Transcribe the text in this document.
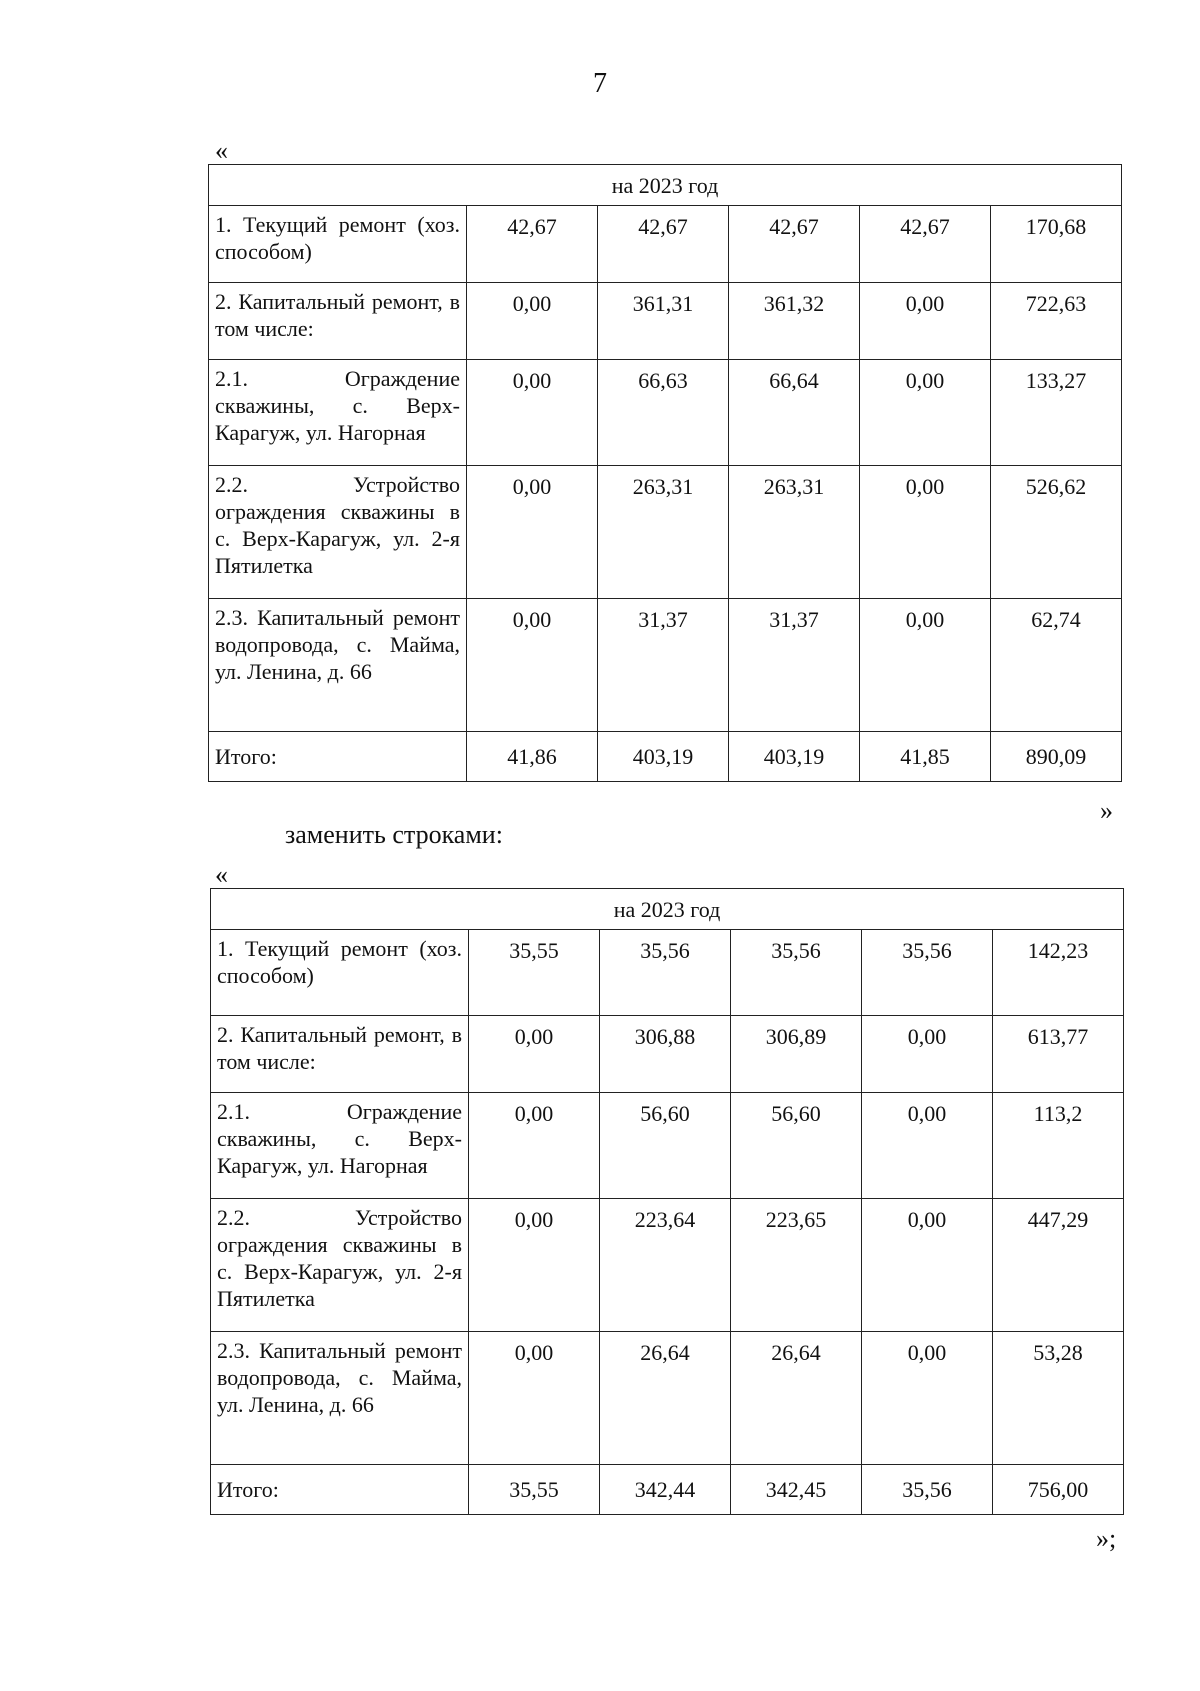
7
«
на 2023 год					
1. Текущий ремонт (хоз. способом)	42,67	42,67	42,67	42,67	170,68
2. Капитальный ремонт, в том числе:	0,00	361,31	361,32	0,00	722,63
2.1. Ограждение скважины, с. Верх-Карагуж, ул. Нагорная	0,00	66,63	66,64	0,00	133,27
2.2. Устройство ограждения скважины в с. Верх-Карагуж, ул. 2-я Пятилетка	0,00	263,31	263,31	0,00	526,62
2.3. Капитальный ремонт водопровода, с. Майма, ул. Ленина, д. 66	0,00	31,37	31,37	0,00	62,74
Итого:	41,86	403,19	403,19	41,85	890,09
»
заменить строками:
«
на 2023 год					
1. Текущий ремонт (хоз. способом)	35,55	35,56	35,56	35,56	142,23
2. Капитальный ремонт, в том числе:	0,00	306,88	306,89	0,00	613,77
2.1. Ограждение скважины, с. Верх-Карагуж, ул. Нагорная	0,00	56,60	56,60	0,00	113,2
2.2. Устройство ограждения скважины в с. Верх-Карагуж, ул. 2-я Пятилетка	0,00	223,64	223,65	0,00	447,29
2.3. Капитальный ремонт водопровода, с. Майма, ул. Ленина, д. 66	0,00	26,64	26,64	0,00	53,28
Итого:	35,55	342,44	342,45	35,56	756,00
»;
